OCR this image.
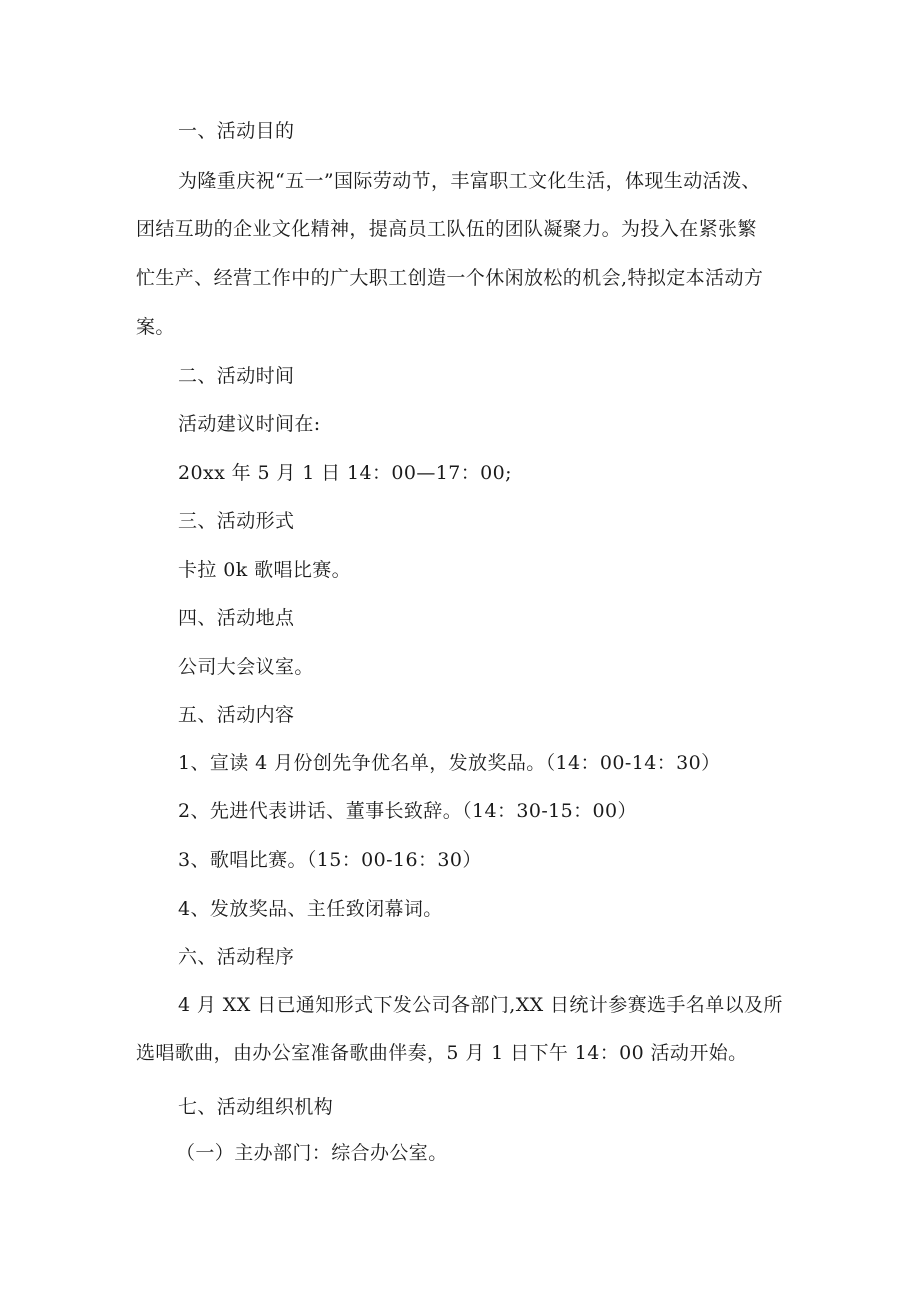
一、活动目的
为隆重庆祝“五一”国际劳动节，丰富职工文化生活，体现生动活泼、
团结互助的企业文化精神，提高员工队伍的团队凝聚力。为投入在紧张繁
忙生产、经营工作中的广大职工创造一个休闲放松的机会,特拟定本活动方
案。
二、活动时间
活动建议时间在:
20xx 年 5 月 1 日 14：00—17：00;
三、活动形式
卡拉 0k 歌唱比赛。
四、活动地点
公司大会议室。
五、活动内容
1、宣读 4 月份创先争优名单，发放奖品。（14：00-14：30）
2、先进代表讲话、董事长致辞。（14：30-15：00）
3、歌唱比赛。（15：00-16：30）
4、发放奖品、主任致闭幕词。
六、活动程序
4 月 XX 日已通知形式下发公司各部门,XX 日统计参赛选手名单以及所
选唱歌曲，由办公室准备歌曲伴奏，5 月 1 日下午 14：00 活动开始。
七、活动组织机构
（一）主办部门：综合办公室。
